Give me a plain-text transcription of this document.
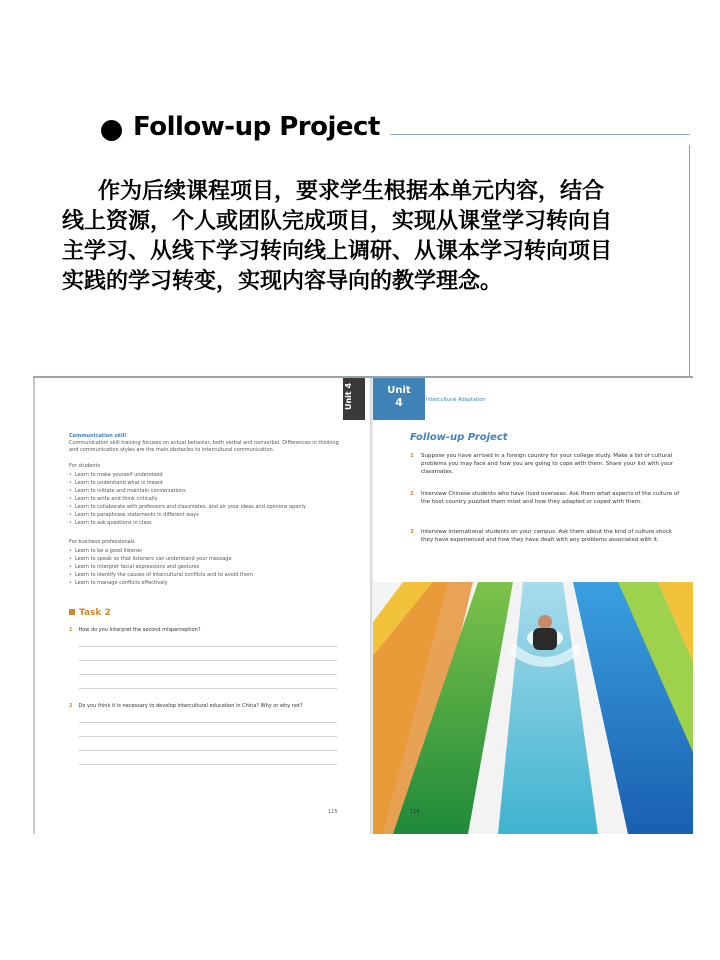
Follow-up Project
作为后续课程项目，要求学生根据本单元内容，结合
线上资源，个人或团队完成项目，实现从课堂学习转向自
主学习、从线下学习转向线上调研、从课本学习转向项目
实践的学习转变，实现内容导向的教学理念。
Unit 4
Communication skill
Communication skill training focuses on actual behavior, both verbal and nonverbal. Differences in thinking and communication styles are the main obstacles to intercultural communication.
For students
• Learn to make yourself understood
• Learn to understand what is meant
• Learn to initiate and maintain conversations
• Learn to write and think critically
• Learn to collaborate with professors and classmates, and air your ideas and opinions openly
• Learn to paraphrase statements in different ways
• Learn to ask questions in class
For business professionals
• Learn to be a good listener
• Learn to speak so that listeners can understand your message
• Learn to interpret facial expressions and gestures
• Learn to identify the causes of intercultural conflicts and to avoid them
• Learn to manage conflicts effectively
Task 2
1 How do you interpret the second misperception?
2 Do you think it is necessary to develop intercultural education in China? Why or why not?
115
Unit
4	Intercultural Adaptation
Follow-up Project
1	Suppose you have arrived in a foreign country for your college study. Make a list of cultural problems you may face and how you are going to cope with them. Share your list with your classmates.
2	Interview Chinese students who have lived overseas. Ask them what aspects of the culture of the host country puzzled them most and how they adapted or coped with them.
3	Interview international students on your campus. Ask them about the kind of culture shock they have experienced and how they have dealt with any problems associated with it.
116
